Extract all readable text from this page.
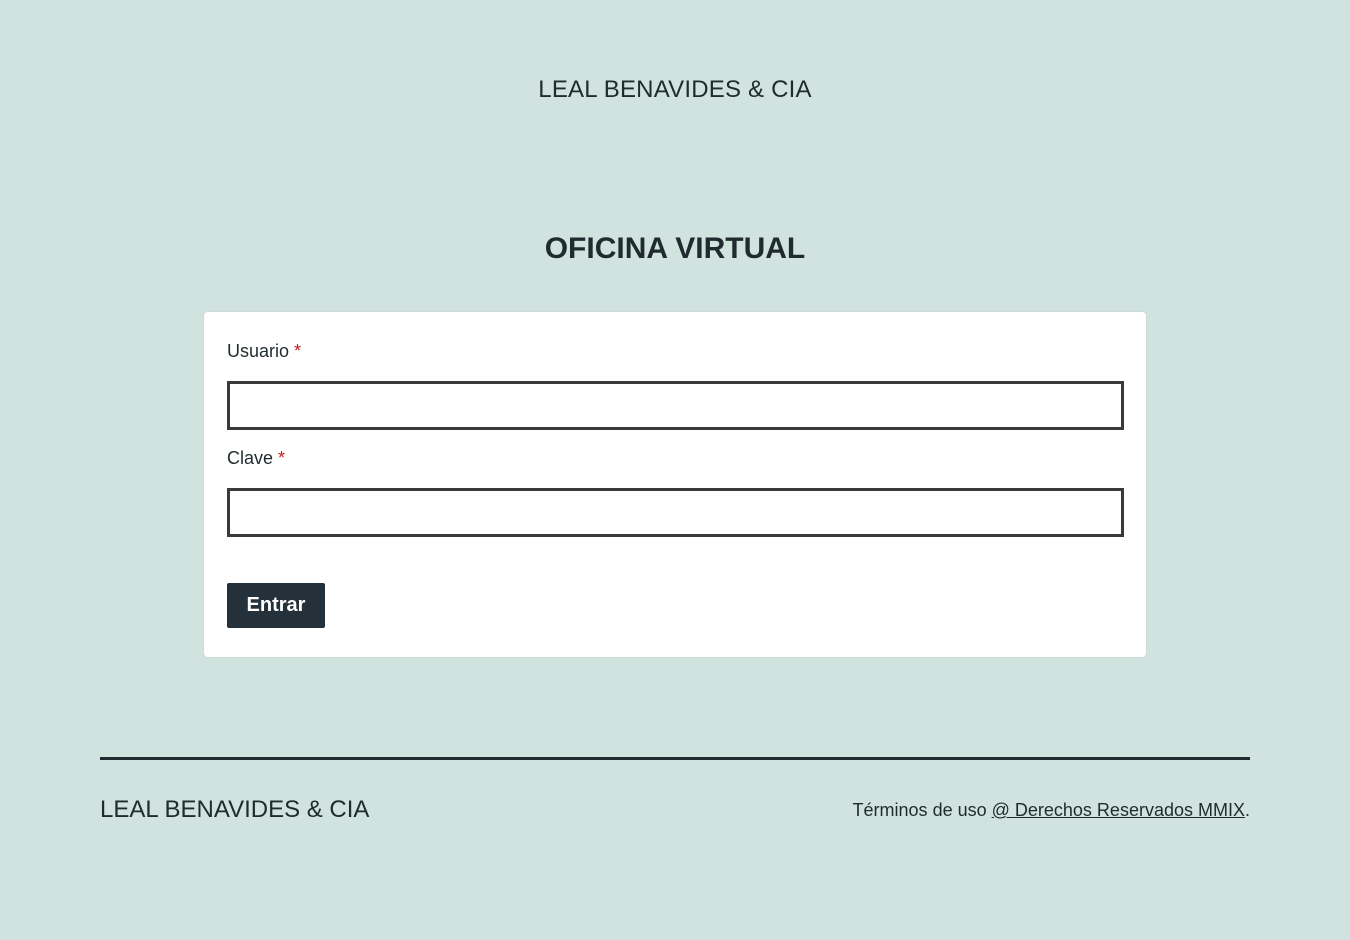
LEAL BENAVIDES & CIA
OFICINA VIRTUAL
Usuario *
Clave *
Entrar
LEAL BENAVIDES & CIA	Términos de uso @ Derechos Reservados MMIX.
